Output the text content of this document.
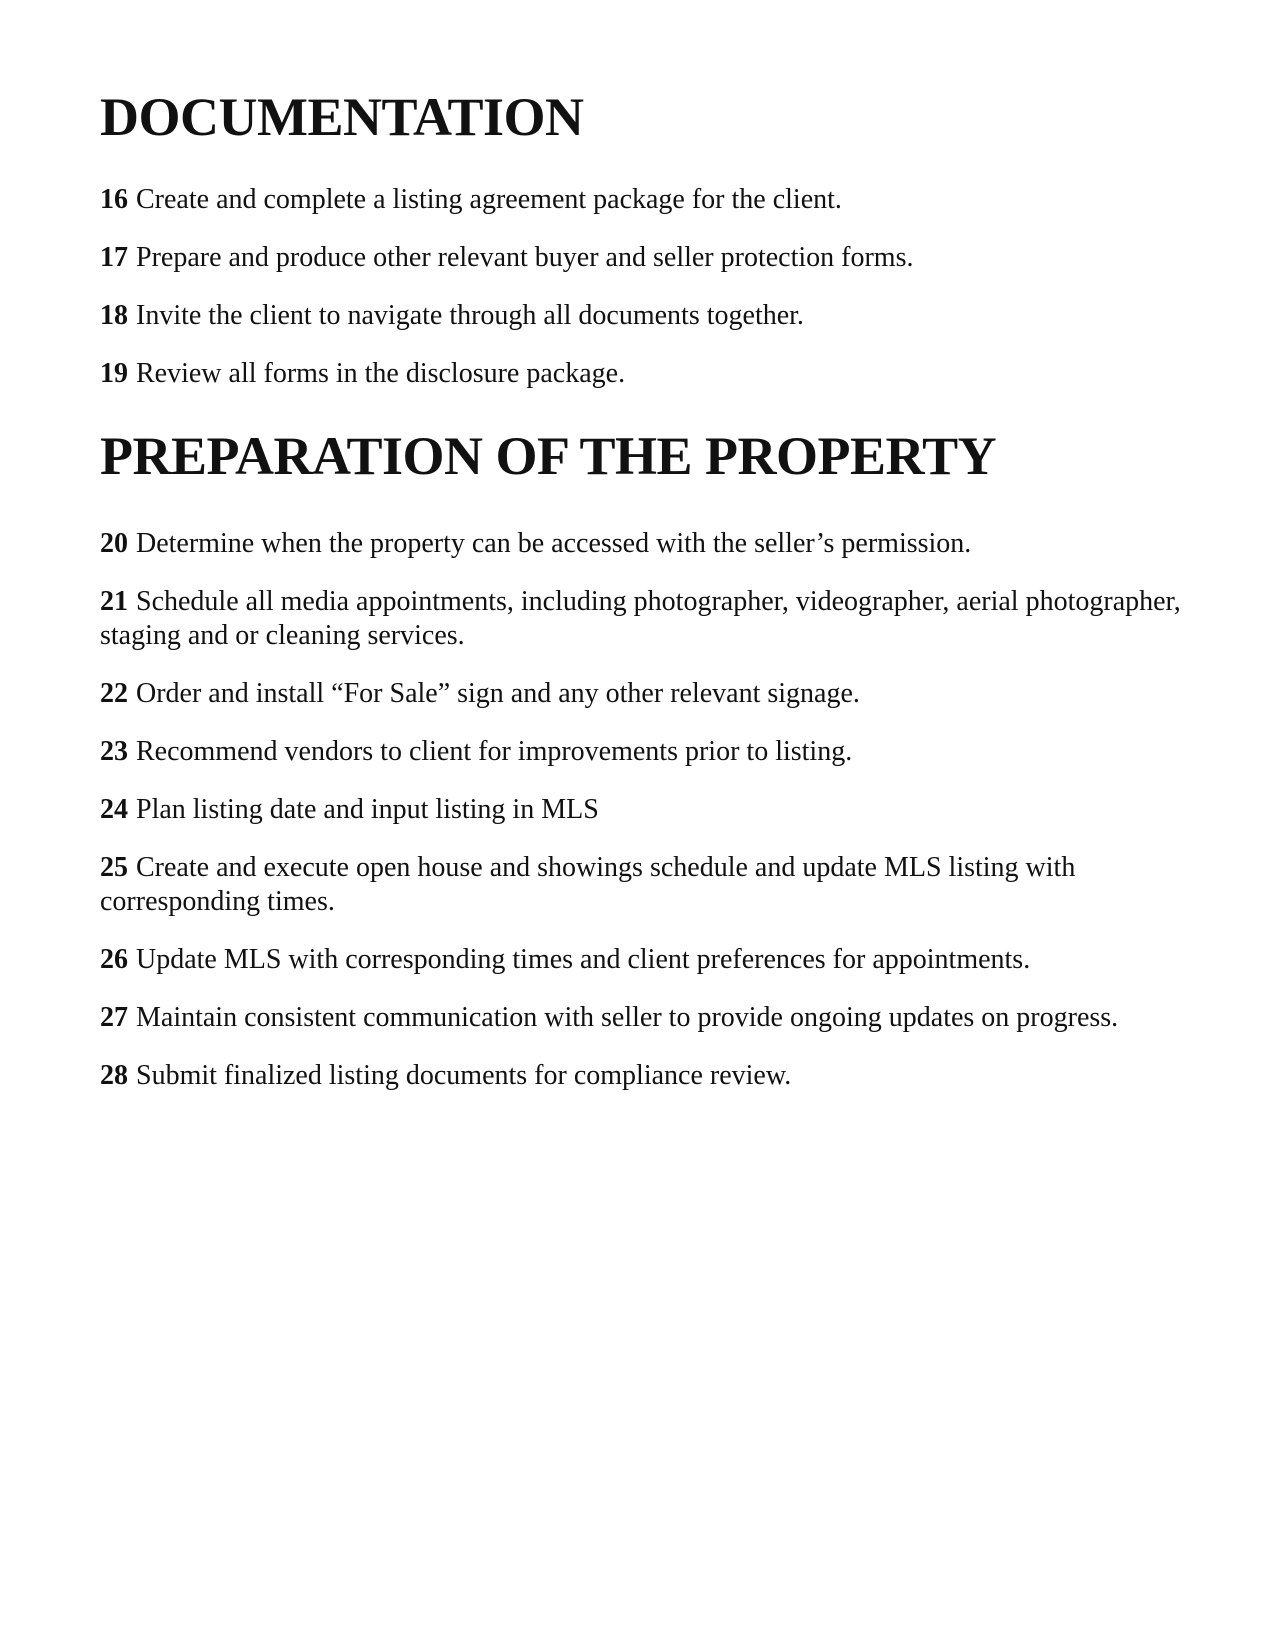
DOCUMENTATION

16 Create and complete a listing agreement package for the client.

17 Prepare and produce other relevant buyer and seller protection forms.

18 Invite the client to navigate through all documents together.

19 Review all forms in the disclosure package.

PREPARATION OF THE PROPERTY

20 Determine when the property can be accessed with the seller’s permission.

21 Schedule all media appointments, including photographer, videographer, aerial photographer, staging and or cleaning services.

22 Order and install “For Sale” sign and any other relevant signage.

23 Recommend vendors to client for improvements prior to listing.

24 Plan listing date and input listing in MLS

25 Create and execute open house and showings schedule and update MLS listing with corresponding times.

26 Update MLS with corresponding times and client preferences for appointments.

27 Maintain consistent communication with seller to provide ongoing updates on progress.

28 Submit finalized listing documents for compliance review.
